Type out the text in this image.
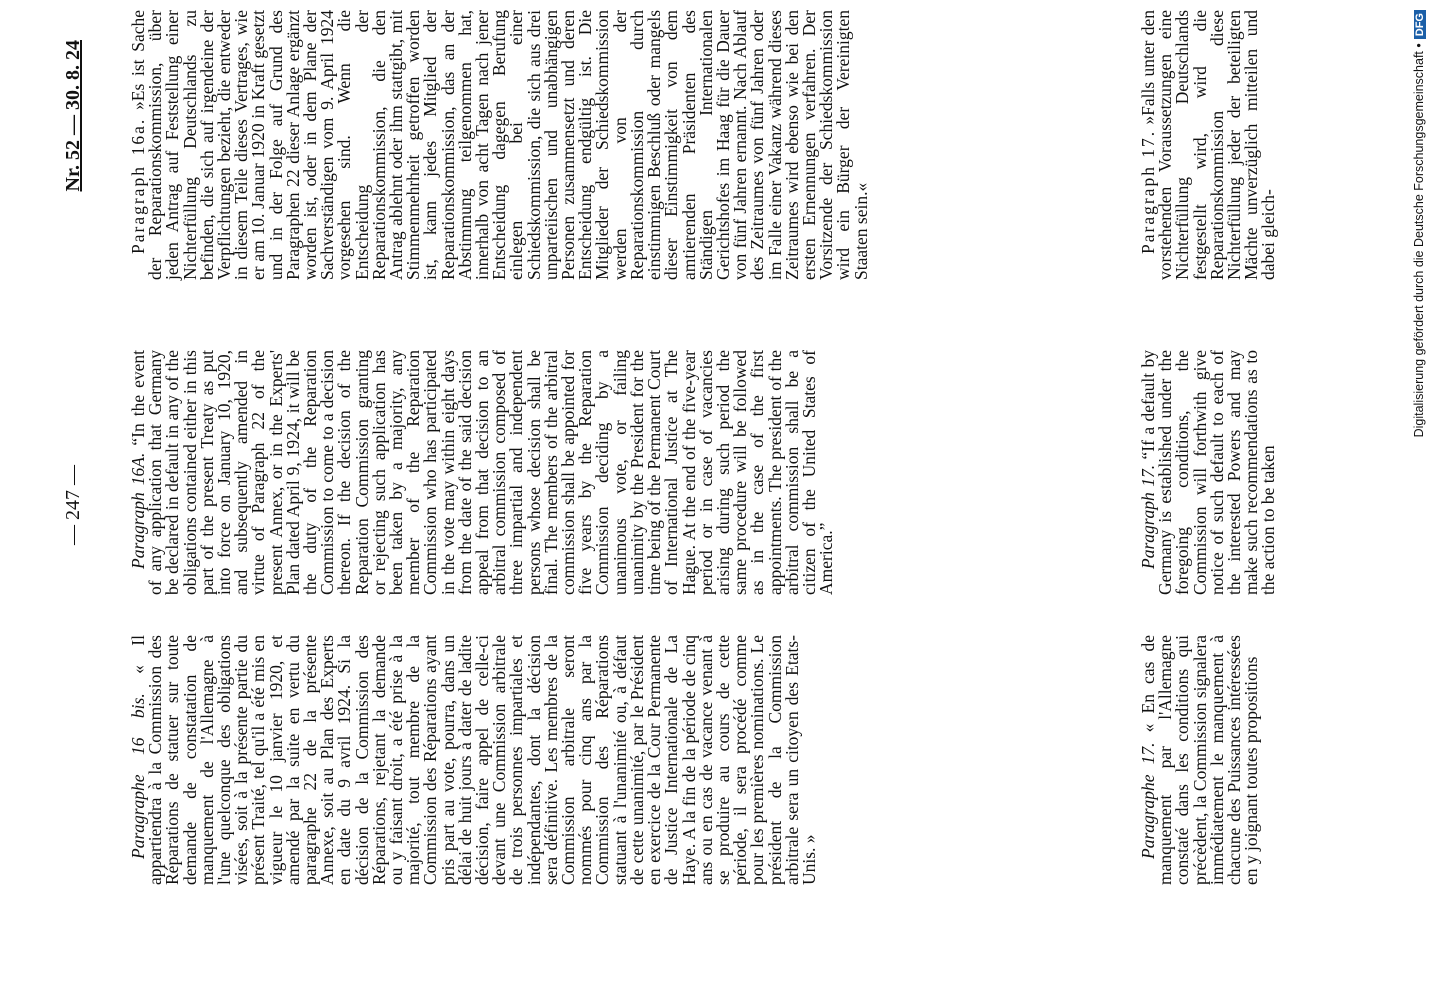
— 247 —
Nr. 52 — 30. 8. 24

Paragraphe 16 bis. « Il appartiendra à la Commission des Réparations de statuer sur toute demande de constatation de manquement de l'Allemagne à l'une quelconque des obligations visées, soit à la présente partie du présent Traité, tel qu'il a été mis en vigueur le 10 janvier 1920, et amendé par la suite en vertu du paragraphe 22 de la présente Annexe, soit au Plan des Experts en date du 9 avril 1924. Si la décision de la Commission des Réparations, rejetant la demande ou y faisant droit, a été prise à la majorité, tout membre de la Commission des Réparations ayant pris part au vote, pourra, dans un délai de huit jours à dater de ladite décision, faire appel de celle-ci devant une Commission arbitrale de trois personnes impartiales et indépendantes, dont la décision sera définitive. Les membres de la Commission arbitrale seront nommés pour cinq ans par la Commission des Réparations statuant à l'unanimité ou, à défaut de cette unanimité, par le Président en exercice de la Cour Permanente de Justice Internationale de La Haye. A la fin de la période de cinq ans ou en cas de vacance venant à se produire au cours de cette période, il sera procédé comme pour les premières nominations. Le président de la Commission arbitrale sera un citoyen des Etats-Unis. »

Paragraph 16A. “In the event of any application that Germany be declared in default in any of the obligations contained either in this part of the present Treaty as put into force on January 10, 1920, and subsequently amended in virtue of Paragraph 22 of the present Annex, or in the Experts' Plan dated April 9, 1924, it will be the duty of the Reparation Commission to come to a decision thereon. If the decision of the Reparation Commission granting or rejecting such application has been taken by a majority, any member of the Reparation Commission who has participated in the vote may within eight days from the date of the said decision appeal from that decision to an arbitral commission composed of three impartial and independent persons whose decision shall be final. The members of the arbitral commission shall be appointed for five years by the Reparation Commission deciding by a unanimous vote, or failing unanimity by the President for the time being of the Permanent Court of International Justice at The Hague. At the end of the five-year period or in case of vacancies arising during such period the same procedure will be followed as in the case of the first appointments. The president of the arbitral commission shall be a citizen of the United States of America.”

Paragraph 16a. »Es ist Sache der Reparationskommission, über jeden Antrag auf Feststellung einer Nichterfüllung Deutschlands zu befinden, die sich auf irgendeine der Verpflichtungen bezieht, die entweder in diesem Teile dieses Vertrages, wie er am 10. Januar 1920 in Kraft gesetzt und in der Folge auf Grund des Paragraphen 22 dieser Anlage ergänzt worden ist, oder in dem Plane der Sachverständigen vom 9. April 1924 vorgesehen sind. Wenn die Entscheidung der Reparationskommission, die den Antrag ablehnt oder ihm stattgibt, mit Stimmenmehrheit getroffen worden ist, kann jedes Mitglied der Reparationskommission, das an der Abstimmung teilgenommen hat, innerhalb von acht Tagen nach jener Entscheidung dagegen Berufung einlegen bei einer Schiedskommission, die sich aus drei unparteiischen und unabhängigen Personen zusammensetzt und deren Entscheidung endgültig ist. Die Mitglieder der Schiedskommission werden von der Reparationskommission durch einstimmigen Beschluß oder mangels dieser Einstimmigkeit von dem amtierenden Präsidenten des Ständigen Internationalen Gerichtshofes im Haag für die Dauer von fünf Jahren ernannt. Nach Ablauf des Zeitraumes von fünf Jahren oder im Falle einer Vakanz während dieses Zeitraumes wird ebenso wie bei den ersten Ernennungen verfahren. Der Vorsitzende der Schiedskommission wird ein Bürger der Vereinigten Staaten sein.«

Paragraphe 17. « En cas de manquement par l'Allemagne constaté dans les conditions qui précèdent, la Commission signalera immédiatement le manquement à chacune des Puissances intéressées en y joignant toutes propositions

Paragraph 17. “If a default by Germany is established under the foregoing conditions, the Commission will forthwith give notice of such default to each of the interested Powers and may make such recommendations as to the action to be taken

Paragraph 17. »Falls unter den vorstehenden Voraussetzungen eine Nichterfüllung Deutschlands festgestellt wird, wird die Reparationskommission diese Nichterfüllung jeder der beteiligten Mächte unverzüglich mitteilen und dabei gleich-	Digitalisierung gefördert durch die Deutsche Forschungsgemeinschaft •DFG
